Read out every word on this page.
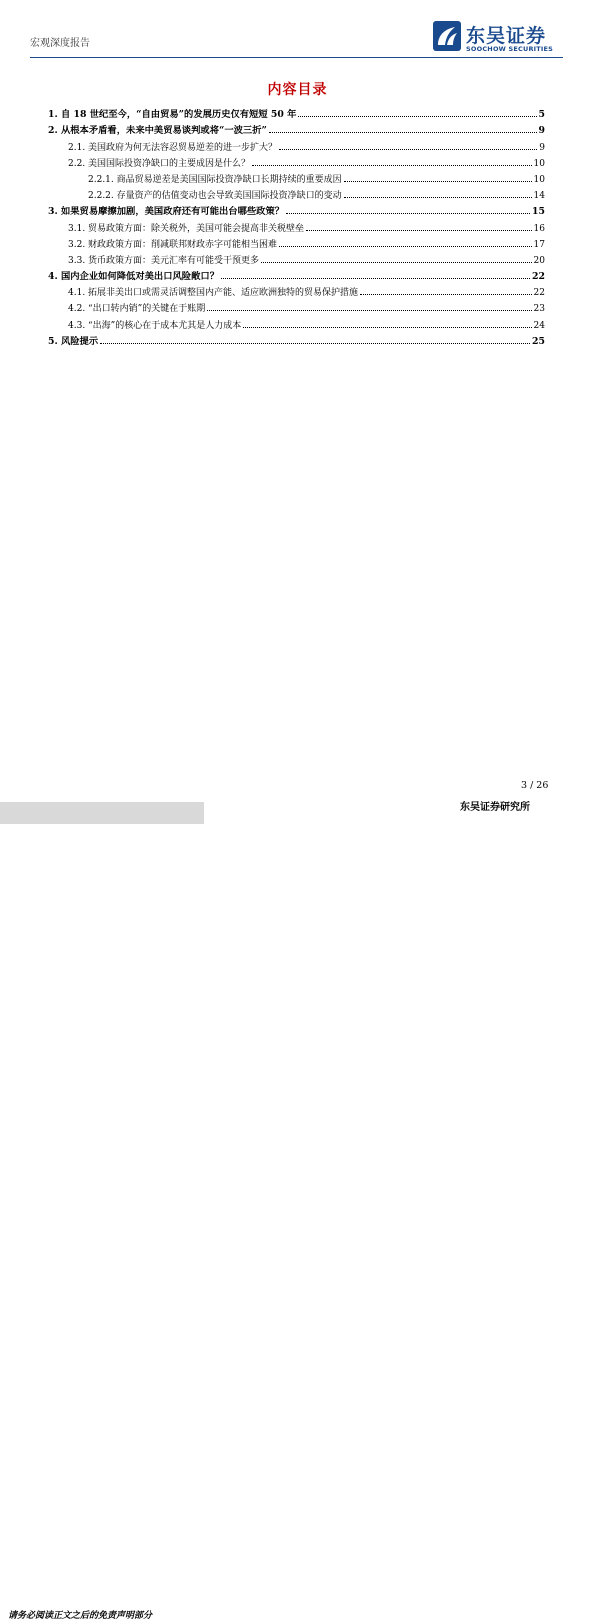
宏观深度报告	东吴证券
SOOCHOW SECURITIES
内容目录
1. 自 18 世纪至今，“自由贸易”的发展历史仅有短短 50 年	5
2. 从根本矛盾看，未来中美贸易谈判或将“一波三折”	9
2.1. 美国政府为何无法容忍贸易逆差的进一步扩大？	9
2.2. 美国国际投资净缺口的主要成因是什么？	10
2.2.1. 商品贸易逆差是美国国际投资净缺口长期持续的重要成因	10
2.2.2. 存量资产的估值变动也会导致美国国际投资净缺口的变动	14
3. 如果贸易摩擦加剧，美国政府还有可能出台哪些政策？	15
3.1. 贸易政策方面：除关税外，美国可能会提高非关税壁垒	16
3.2. 财政政策方面：削减联邦财政赤字可能相当困难	17
3.3. 货币政策方面：美元汇率有可能受干预更多	20
4. 国内企业如何降低对美出口风险敞口？	22
4.1. 拓展非美出口或需灵活调整国内产能、适应欧洲独特的贸易保护措施	22
4.2. “出口转内销”的关键在于账期	23
4.3. “出海”的核心在于成本尤其是人力成本	24
5. 风险提示	25
3 / 26
东吴证券研究所
请务必阅读正文之后的免责声明部分
